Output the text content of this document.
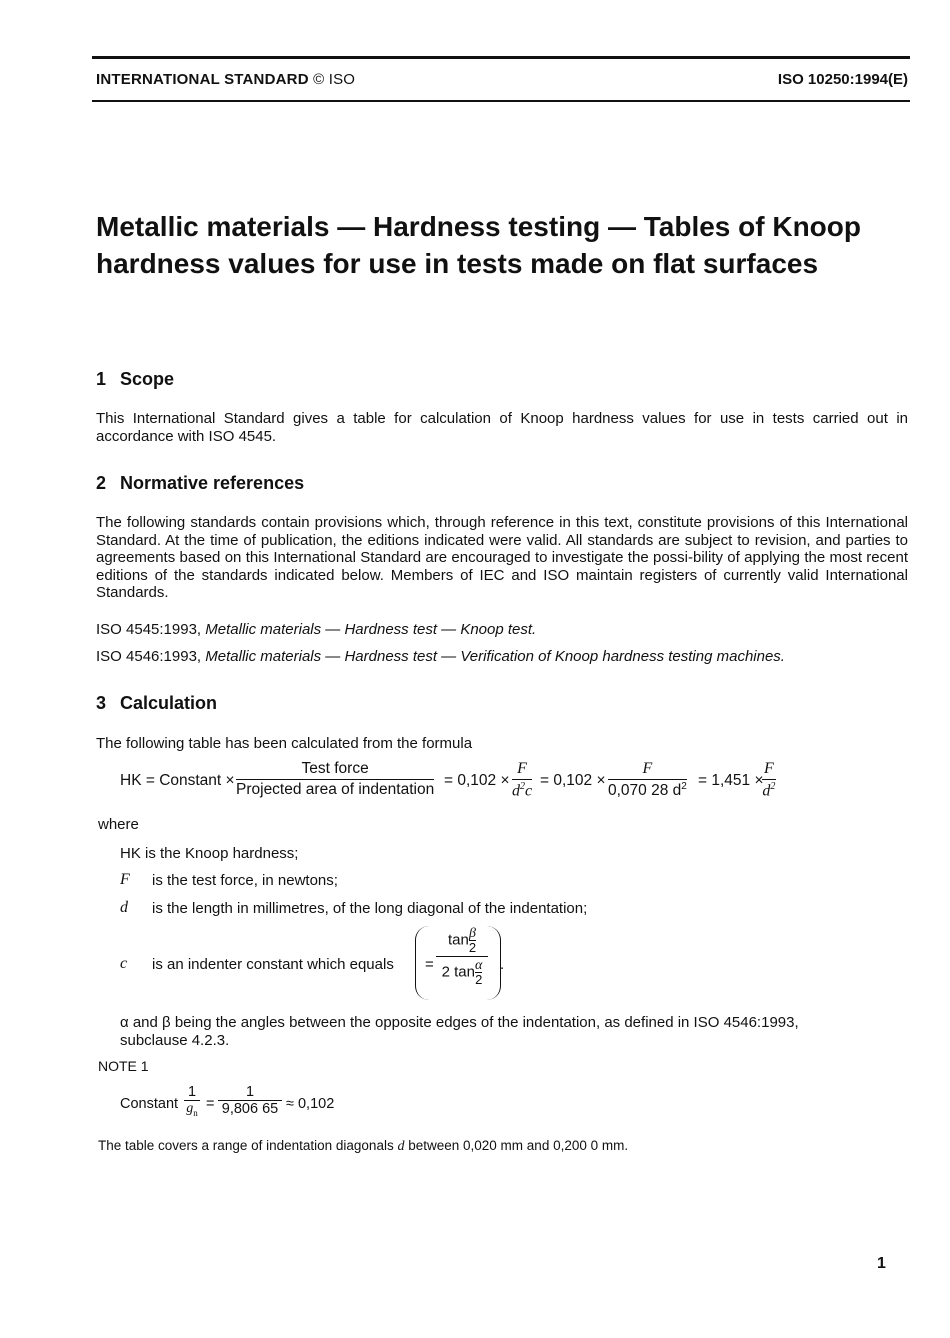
INTERNATIONAL STANDARD © ISO	ISO 10250:1994(E)
Metallic materials — Hardness testing — Tables of Knoop
hardness values for use in tests made on flat surfaces
1 Scope

This International Standard gives a table for calculation of Knoop hardness values for use in tests carried out in accordance with ISO 4545.

2 Normative references

The following standards contain provisions which, through reference in this text, constitute provisions of this International Standard. At the time of publication, the editions indicated were valid. All standards are subject to revision, and parties to agreements based on this International Standard are encouraged to investigate the possi-bility of applying the most recent editions of the standards indicated below. Members of IEC and ISO maintain registers of currently valid International Standards.

ISO 4545:1993, Metallic materials — Hardness test — Knoop test.

ISO 4546:1993, Metallic materials — Hardness test — Verification of Knoop hardness testing machines.

3 Calculation

The following table has been calculated from the formula

HK = Constant ×
Test force
Projected area of indentation
= $0,102 \times \frac{F}{d^2c} = 0,102 \times \frac{F}{0,070 28 d^2} = 1,451$ ×
$\frac{F}{d^2}$
where
HK is the Knoop hardness;
F is the test force, in newtons;
d is the length in millimetres, of the long diagonal of the indentation;
c is an indenter constant which equals = $\frac{\tan \frac{\beta}{2}}{2 \tan \frac{\alpha}{2}}$ .

α and β being the angles between the opposite edges of the indentation, as defined in ISO 4546:1993,
subclause 4.2.3.

NOTE 1
Constant
1
$g_n$
=
1
9,806 65 ≈ 0,102
The table covers a range of indentation diagonals d between 0,020 mm and 0,200 0 mm.
1
